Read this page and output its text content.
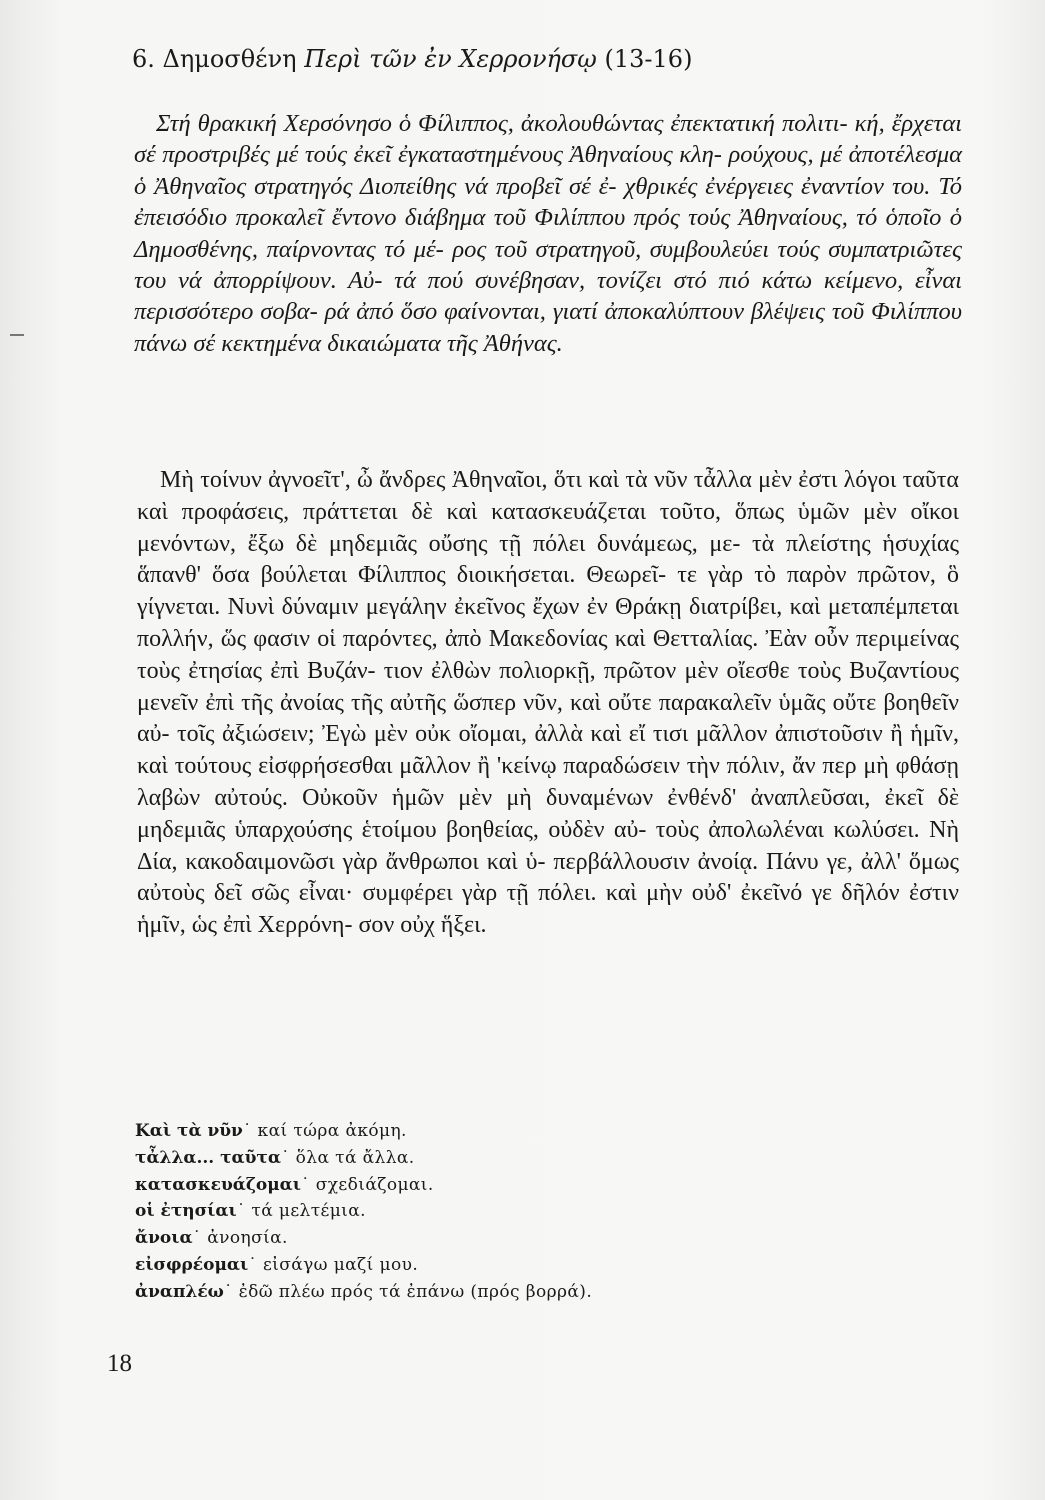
6. Δημοσθένη Περὶ τῶν ἐν Χερρονήσῳ (13-16)

Στή θρακική Χερσόνησο ὁ Φίλιππος, ἀκολουθώντας ἐπεκτατική πολιτι- κή, ἔρχεται σέ προστριβές μέ τούς ἐκεῖ ἐγκαταστημένους Ἀθηναίους κλη- ρούχους, μέ ἀποτέλεσμα ὁ Ἀθηναῖος στρατηγός Διοπείθης νά προβεῖ σέ ἐ- χθρικές ἐνέργειες ἐναντίον του. Τό ἐπεισόδιο προκαλεῖ ἔντονο διάβημα τοῦ Φιλίππου πρός τούς Ἀθηναίους, τό ὁποῖο ὁ Δημοσθένης, παίρνοντας τό μέ- ρος τοῦ στρατηγοῦ, συμβουλεύει τούς συμπατριῶτες του νά ἀπορρίψουν. Αὐ- τά πού συνέβησαν, τονίζει στό πιό κάτω κείμενο, εἶναι περισσότερο σοβα- ρά ἀπό ὅσο φαίνονται, γιατί ἀποκαλύπτουν βλέψεις τοῦ Φιλίππου πάνω σέ κεκτημένα δικαιώματα τῆς Ἀθήνας.

Μὴ τοίνυν ἀγνοεῖτ', ὦ ἄνδρες Ἀθηναῖοι, ὅτι καὶ τὰ νῦν τἆλλα μὲν ἐστι λόγοι ταῦτα καὶ προφάσεις, πράττεται δὲ καὶ κατασκευάζεται τοῦτο, ὅπως ὑμῶν μὲν οἴκοι μενόντων, ἔξω δὲ μηδεμιᾶς οὔσης τῇ πόλει δυνάμεως, με- τὰ πλείστης ἡσυχίας ἅπανθ' ὅσα βούλεται Φίλιππος διοικήσεται. Θεωρεῖ- τε γὰρ τὸ παρὸν πρῶτον, ὃ γίγνεται. Νυνὶ δύναμιν μεγάλην ἐκεῖνος ἔχων ἐν Θράκῃ διατρίβει, καὶ μεταπέμπεται πολλήν, ὥς φασιν οἱ παρόντες, ἀπὸ Μακεδονίας καὶ Θετταλίας. Ἐὰν οὖν περιμείνας τοὺς ἐτησίας ἐπὶ Βυζάν- τιον ἐλθὼν πολιορκῇ, πρῶτον μὲν οἴεσθε τοὺς Βυζαντίους μενεῖν ἐπὶ τῆς ἀνοίας τῆς αὐτῆς ὥσπερ νῦν, καὶ οὔτε παρακαλεῖν ὑμᾶς οὔτε βοηθεῖν αὐ- τοῖς ἀξιώσειν; Ἐγὼ μὲν οὐκ οἴομαι, ἀλλὰ καὶ εἴ τισι μᾶλλον ἀπιστοῦσιν ἢ ἡμῖν, καὶ τούτους εἰσφρήσεσθαι μᾶλλον ἢ 'κείνῳ παραδώσειν τὴν πόλιν, ἄν περ μὴ φθάσῃ λαβὼν αὐτούς. Οὐκοῦν ἡμῶν μὲν μὴ δυναμένων ἐνθένδ' ἀναπλεῦσαι, ἐκεῖ δὲ μηδεμιᾶς ὑπαρχούσης ἑτοίμου βοηθείας, οὐδὲν αὐ- τοὺς ἀπολωλέναι κωλύσει. Νὴ Δία, κακοδαιμονῶσι γὰρ ἄνθρωποι καὶ ὑ- περβάλλουσιν ἀνοίᾳ. Πάνυ γε, ἀλλ' ὅμως αὐτοὺς δεῖ σῶς εἶναι· συμφέρει γὰρ τῇ πόλει. καὶ μὴν οὐδ' ἐκεῖνό γε δῆλόν ἐστιν ἡμῖν, ὡς ἐπὶ Χερρόνη- σον οὐχ ἥξει.

Καὶ τὰ νῦν˙ καί τώρα ἀκόμη.
τἆλλα... ταῦτα˙ ὅλα τά ἄλλα.
κατασκευάζομαι˙ σχεδιάζομαι.
οἱ ἐτησίαι˙ τά μελτέμια.
ἄνοια˙ ἀνοησία.
εἰσφρέομαι˙ εἰσάγω μαζί μου.
ἀναπλέω˙ ἐδῶ πλέω πρός τά ἐπάνω (πρός βορρά).
18
